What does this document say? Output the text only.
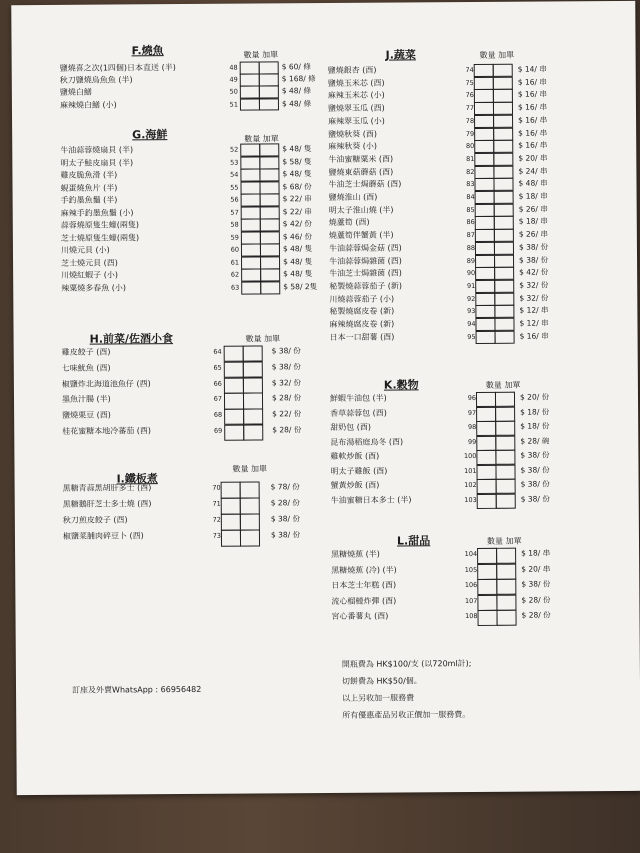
F.燒魚	數量 加單
鹽燒喜之次(1四個)日本直送 (半)	48	$ 60/ 條
秋刀鹽燒烏魚魚 (半)	49	$ 168/ 條
鹽燒白鱔	50	$ 48/ 條
麻辣燒白鱔 (小)	51	$ 48/ 條
G.海鮮	數量 加單
牛油蒜蓉燒扇貝 (半)	52	$ 48/ 隻
明太子鮭皮扇貝 (半)	53	$ 58/ 隻
雞皮脆魚滑 (半)	54	$ 48/ 隻
蜆蛋燒魚片 (半)	55	$ 68/ 份
手釣墨魚鬚 (半)	56	$ 22/ 串
麻辣手釣墨魚鬚 (小)	57	$ 22/ 串
蒜蓉燒原隻生蠔(兩隻)	58	$ 42/ 份
芝士燒原隻生蠔(兩隻)	59	$ 46/ 份
川燒元貝 (小)	60	$ 48/ 隻
芝士燒元貝 (酉)	61	$ 48/ 隻
川燒紅蝦子 (小)	62	$ 48/ 隻
辣粟燒多春魚 (小)	63	$ 58/ 2隻
H.前菜/佐酒小食	數量 加單
雞皮餃子 (酉)	64	$ 38/ 份
七味魷魚 (酉)	65	$ 38/ 份
椒鹽炸北海道池魚仔 (酉)	66	$ 32/ 份
墨魚汁腸 (半)	67	$ 28/ 份
鹽燒栗豆 (酉)	68	$ 22/ 份
桂花蜜糖本地冷蕃茄 (酉)	69	$ 28/ 份
I.鐵板煮
數量 加單
黑糖青蒜黑胡肝多士 (酉)	70	$ 78/ 份
黑糖鵝肝芝士多士燒 (酉)	71	$ 28/ 份
秋刀煎皮餃子 (酉)	72	$ 38/ 份
椒鹽菜脯肉碎豆卜 (酉)	73	$ 38/ 份
J.蔬菜	數量 加單
鹽燒銀杏 (酉)	74	$ 14/ 串
鹽燒玉米芯 (酉)	75	$ 16/ 串
麻辣玉米芯 (小)	76	$ 16/ 串
鹽燒翠玉瓜 (酉)	77	$ 16/ 串
麻辣翠玉瓜 (小)	78	$ 16/ 串
鹽燒秋葵 (酉)	79	$ 16/ 串
麻辣秋葵 (小)	80	$ 16/ 串
牛油蜜糖粟米 (酉)	81	$ 20/ 串
鹽燒東菇蘑菇 (酉)	82	$ 24/ 串
牛油芝士焗蘑菇 (酉)	83	$ 48/ 串
鹽燒淮山 (酉)	84	$ 18/ 串
明太子淮山燒 (半)	85	$ 26/ 串
燒蘆筍 (酉)	86	$ 18/ 串
燒蘆筍伴蟹黃 (半)	87	$ 26/ 串
牛油蒜蓉焗金菇 (酉)	88	$ 38/ 份
牛油蒜蓉焗雜菌 (酉)	89	$ 38/ 份
牛油芝士焗雜菌 (酉)	90	$ 42/ 份
秘製燒蒜蓉茄子 (新)	91	$ 32/ 份
川燒蒜蓉茄子 (小)	92	$ 32/ 份
秘製燒腐皮卷 (新)	93	$ 12/ 串
麻辣燒腐皮卷 (新)	94	$ 12/ 串
日本一口甜薯 (酉)	95	$ 16/ 串
K.穀物	數量 加單
鮮蝦牛油包 (半)	96	$ 20/ 份
香草蒜蓉包 (酉)	97	$ 18/ 份
甜奶包 (酉)	98	$ 18/ 份
昆布湯稻庭烏冬 (酉)	99	$ 28/ 碗
雞軟炒飯 (酉)	100	$ 38/ 份
明太子雞飯 (酉)	101	$ 38/ 份
蟹黃炒飯 (酉)	102	$ 38/ 份
牛油蜜糖日本多士 (半)	103	$ 38/ 份
L.甜品	數量 加單
黑糖燒蕉 (半)	104	$ 18/ 串
黑糖燒蕉 (冷) (半)	105	$ 20/ 串
日本芝士年糕 (酉)	106	$ 38/ 份
流心榴槤炸彈 (酉)	107	$ 28/ 份
宮心番薯丸 (酉)	108	$ 28/ 份
開瓶費為 HK$100/支 (以720ml計);
切餅費為 HK$50/個。
以上另收加一服務費
所有優惠產品另收正價加一服務費。
訂座及外賣WhatsApp : 66956482
